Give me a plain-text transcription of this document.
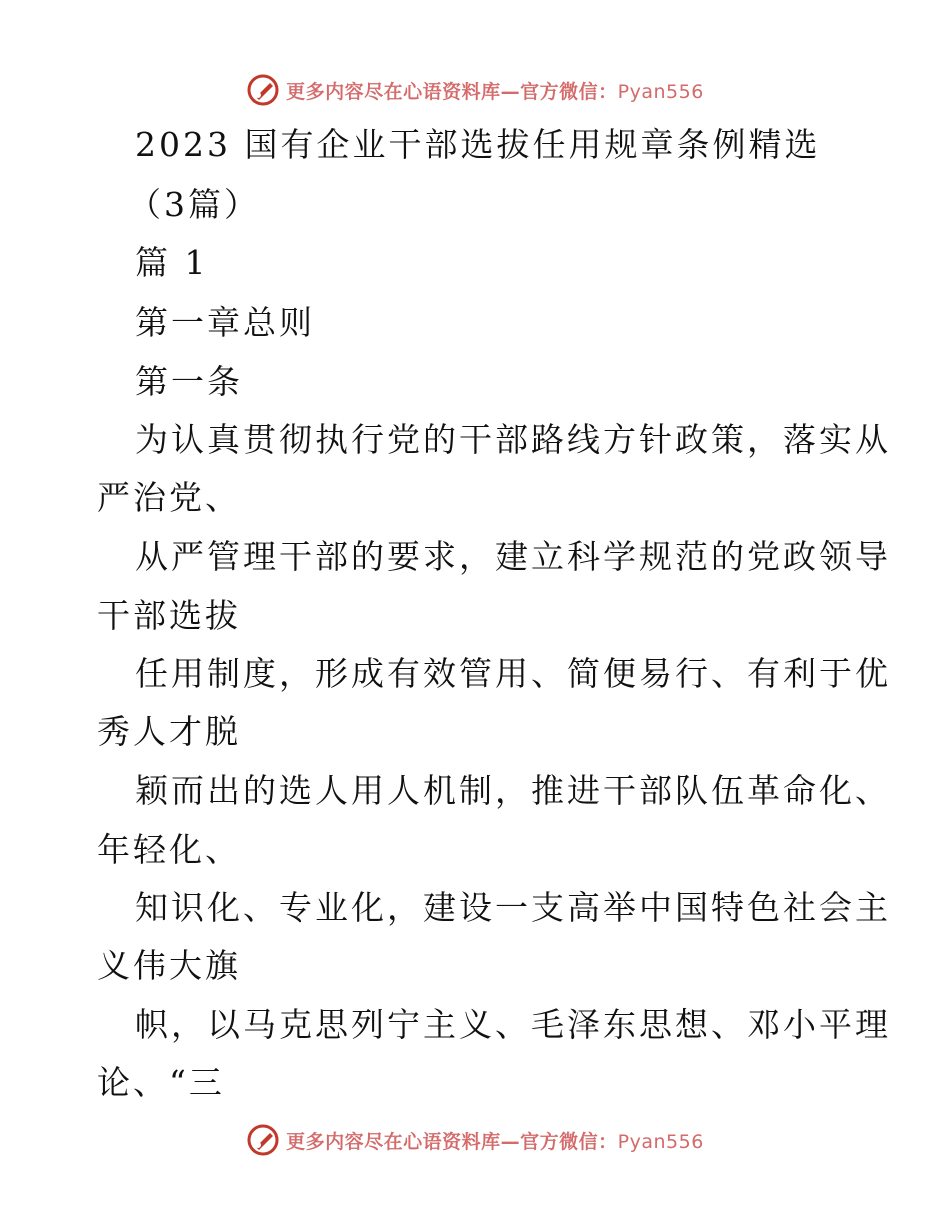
更多内容尽在心语资料库—官方微信：Pyan556
2023 国有企业干部选拔任用规章条例精选
（3篇）
篇 1
第一章总则
第一条
为认真贯彻执行党的干部路线方针政策，落实从
严治党、
从严管理干部的要求，建立科学规范的党政领导
干部选拔
任用制度，形成有效管用、简便易行、有利于优
秀人才脱
颖而出的选人用人机制，推进干部队伍革命化、
年轻化、
知识化、专业化，建设一支高举中国特色社会主
义伟大旗
帜，以马克思列宁主义、毛泽东思想、邓小平理
论、“三
更多内容尽在心语资料库—官方微信：Pyan556
